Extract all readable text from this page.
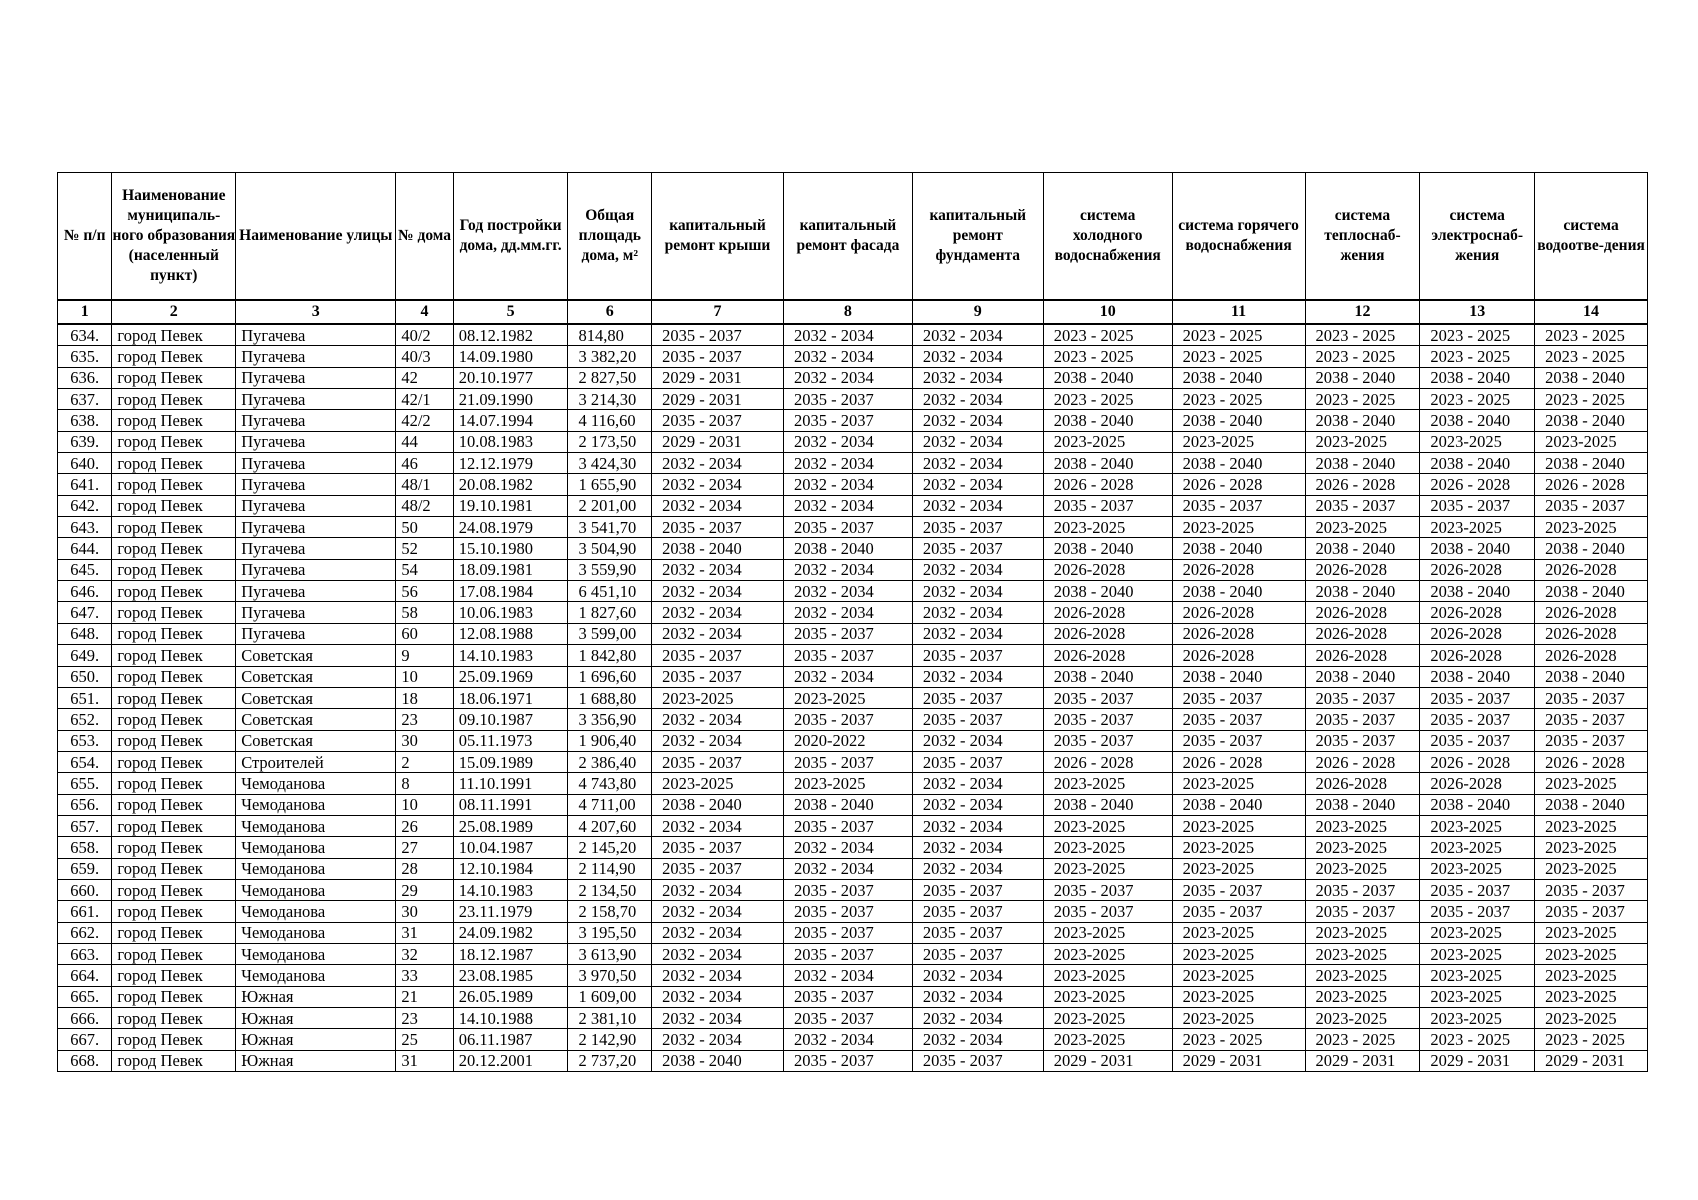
№ п/п	Наименование муниципаль-ного образования (населенный пункт)	Наименование улицы	№ дома	Год постройки дома, дд.мм.гг.	Общая площадь дома, м²	капитальный ремонт крыши	капитальный ремонт фасада	капитальный ремонт фундамента	система холодного водоснабжения	система горячего водоснабжения	система теплоснаб-жения	система электроснаб-жения	система водоотве-дения
1	2	3	4	5	6	7	8	9	10	11	12	13	14
634.	город Певек	Пугачева	40/2	08.12.1982	814,80	2035 - 2037	2032 - 2034	2032 - 2034	2023 - 2025	2023 - 2025	2023 - 2025	2023 - 2025	2023 - 2025
635.	город Певек	Пугачева	40/3	14.09.1980	3 382,20	2035 - 2037	2032 - 2034	2032 - 2034	2023 - 2025	2023 - 2025	2023 - 2025	2023 - 2025	2023 - 2025
636.	город Певек	Пугачева	42	20.10.1977	2 827,50	2029 - 2031	2032 - 2034	2032 - 2034	2038 - 2040	2038 - 2040	2038 - 2040	2038 - 2040	2038 - 2040
637.	город Певек	Пугачева	42/1	21.09.1990	3 214,30	2029 - 2031	2035 - 2037	2032 - 2034	2023 - 2025	2023 - 2025	2023 - 2025	2023 - 2025	2023 - 2025
638.	город Певек	Пугачева	42/2	14.07.1994	4 116,60	2035 - 2037	2035 - 2037	2032 - 2034	2038 - 2040	2038 - 2040	2038 - 2040	2038 - 2040	2038 - 2040
639.	город Певек	Пугачева	44	10.08.1983	2 173,50	2029 - 2031	2032 - 2034	2032 - 2034	2023-2025	2023-2025	2023-2025	2023-2025	2023-2025
640.	город Певек	Пугачева	46	12.12.1979	3 424,30	2032 - 2034	2032 - 2034	2032 - 2034	2038 - 2040	2038 - 2040	2038 - 2040	2038 - 2040	2038 - 2040
641.	город Певек	Пугачева	48/1	20.08.1982	1 655,90	2032 - 2034	2032 - 2034	2032 - 2034	2026 - 2028	2026 - 2028	2026 - 2028	2026 - 2028	2026 - 2028
642.	город Певек	Пугачева	48/2	19.10.1981	2 201,00	2032 - 2034	2032 - 2034	2032 - 2034	2035 - 2037	2035 - 2037	2035 - 2037	2035 - 2037	2035 - 2037
643.	город Певек	Пугачева	50	24.08.1979	3 541,70	2035 - 2037	2035 - 2037	2035 - 2037	2023-2025	2023-2025	2023-2025	2023-2025	2023-2025
644.	город Певек	Пугачева	52	15.10.1980	3 504,90	2038 - 2040	2038 - 2040	2035 - 2037	2038 - 2040	2038 - 2040	2038 - 2040	2038 - 2040	2038 - 2040
645.	город Певек	Пугачева	54	18.09.1981	3 559,90	2032 - 2034	2032 - 2034	2032 - 2034	2026-2028	2026-2028	2026-2028	2026-2028	2026-2028
646.	город Певек	Пугачева	56	17.08.1984	6 451,10	2032 - 2034	2032 - 2034	2032 - 2034	2038 - 2040	2038 - 2040	2038 - 2040	2038 - 2040	2038 - 2040
647.	город Певек	Пугачева	58	10.06.1983	1 827,60	2032 - 2034	2032 - 2034	2032 - 2034	2026-2028	2026-2028	2026-2028	2026-2028	2026-2028
648.	город Певек	Пугачева	60	12.08.1988	3 599,00	2032 - 2034	2035 - 2037	2032 - 2034	2026-2028	2026-2028	2026-2028	2026-2028	2026-2028
649.	город Певек	Советская	9	14.10.1983	1 842,80	2035 - 2037	2035 - 2037	2035 - 2037	2026-2028	2026-2028	2026-2028	2026-2028	2026-2028
650.	город Певек	Советская	10	25.09.1969	1 696,60	2035 - 2037	2032 - 2034	2032 - 2034	2038 - 2040	2038 - 2040	2038 - 2040	2038 - 2040	2038 - 2040
651.	город Певек	Советская	18	18.06.1971	1 688,80	2023-2025	2023-2025	2035 - 2037	2035 - 2037	2035 - 2037	2035 - 2037	2035 - 2037	2035 - 2037
652.	город Певек	Советская	23	09.10.1987	3 356,90	2032 - 2034	2035 - 2037	2035 - 2037	2035 - 2037	2035 - 2037	2035 - 2037	2035 - 2037	2035 - 2037
653.	город Певек	Советская	30	05.11.1973	1 906,40	2032 - 2034	2020-2022	2032 - 2034	2035 - 2037	2035 - 2037	2035 - 2037	2035 - 2037	2035 - 2037
654.	город Певек	Строителей	2	15.09.1989	2 386,40	2035 - 2037	2035 - 2037	2035 - 2037	2026 - 2028	2026 - 2028	2026 - 2028	2026 - 2028	2026 - 2028
655.	город Певек	Чемоданова	8	11.10.1991	4 743,80	2023-2025	2023-2025	2032 - 2034	2023-2025	2023-2025	2026-2028	2026-2028	2023-2025
656.	город Певек	Чемоданова	10	08.11.1991	4 711,00	2038 - 2040	2038 - 2040	2032 - 2034	2038 - 2040	2038 - 2040	2038 - 2040	2038 - 2040	2038 - 2040
657.	город Певек	Чемоданова	26	25.08.1989	4 207,60	2032 - 2034	2035 - 2037	2032 - 2034	2023-2025	2023-2025	2023-2025	2023-2025	2023-2025
658.	город Певек	Чемоданова	27	10.04.1987	2 145,20	2035 - 2037	2032 - 2034	2032 - 2034	2023-2025	2023-2025	2023-2025	2023-2025	2023-2025
659.	город Певек	Чемоданова	28	12.10.1984	2 114,90	2035 - 2037	2032 - 2034	2032 - 2034	2023-2025	2023-2025	2023-2025	2023-2025	2023-2025
660.	город Певек	Чемоданова	29	14.10.1983	2 134,50	2032 - 2034	2035 - 2037	2035 - 2037	2035 - 2037	2035 - 2037	2035 - 2037	2035 - 2037	2035 - 2037
661.	город Певек	Чемоданова	30	23.11.1979	2 158,70	2032 - 2034	2035 - 2037	2035 - 2037	2035 - 2037	2035 - 2037	2035 - 2037	2035 - 2037	2035 - 2037
662.	город Певек	Чемоданова	31	24.09.1982	3 195,50	2032 - 2034	2035 - 2037	2035 - 2037	2023-2025	2023-2025	2023-2025	2023-2025	2023-2025
663.	город Певек	Чемоданова	32	18.12.1987	3 613,90	2032 - 2034	2035 - 2037	2035 - 2037	2023-2025	2023-2025	2023-2025	2023-2025	2023-2025
664.	город Певек	Чемоданова	33	23.08.1985	3 970,50	2032 - 2034	2032 - 2034	2032 - 2034	2023-2025	2023-2025	2023-2025	2023-2025	2023-2025
665.	город Певек	Южная	21	26.05.1989	1 609,00	2032 - 2034	2035 - 2037	2032 - 2034	2023-2025	2023-2025	2023-2025	2023-2025	2023-2025
666.	город Певек	Южная	23	14.10.1988	2 381,10	2032 - 2034	2035 - 2037	2032 - 2034	2023-2025	2023-2025	2023-2025	2023-2025	2023-2025
667.	город Певек	Южная	25	06.11.1987	2 142,90	2032 - 2034	2032 - 2034	2032 - 2034	2023-2025	2023 - 2025	2023 - 2025	2023 - 2025	2023 - 2025
668.	город Певек	Южная	31	20.12.2001	2 737,20	2038 - 2040	2035 - 2037	2035 - 2037	2029 - 2031	2029 - 2031	2029 - 2031	2029 - 2031	2029 - 2031
